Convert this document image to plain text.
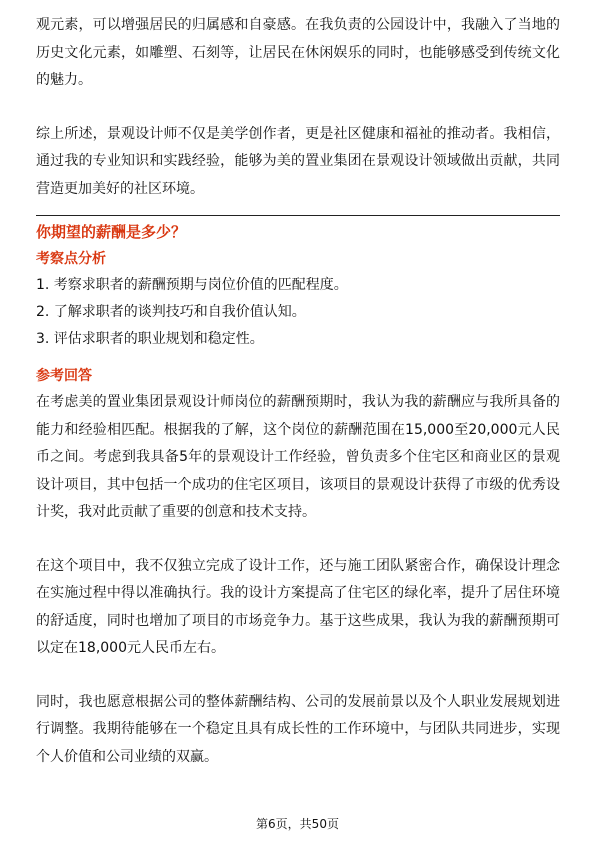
观元素，可以增强居民的归属感和自豪感。在我负责的公园设计中，我融入了当地的历史文化元素，如雕塑、石刻等，让居民在休闲娱乐的同时，也能够感受到传统文化的魅力。

综上所述，景观设计师不仅是美学创作者，更是社区健康和福祉的推动者。我相信，通过我的专业知识和实践经验，能够为美的置业集团在景观设计领域做出贡献，共同营造更加美好的社区环境。

你期望的薪酬是多少？
考察点分析
1. 考察求职者的薪酬预期与岗位价值的匹配程度。
2. 了解求职者的谈判技巧和自我价值认知。
3. 评估求职者的职业规划和稳定性。
参考回答

在考虑美的置业集团景观设计师岗位的薪酬预期时，我认为我的薪酬应与我所具备的能力和经验相匹配。根据我的了解，这个岗位的薪酬范围在15,000至20,000元人民币之间。考虑到我具备5年的景观设计工作经验，曾负责多个住宅区和商业区的景观设计项目，其中包括一个成功的住宅区项目，该项目的景观设计获得了市级的优秀设计奖，我对此贡献了重要的创意和技术支持。

在这个项目中，我不仅独立完成了设计工作，还与施工团队紧密合作，确保设计理念在实施过程中得以准确执行。我的设计方案提高了住宅区的绿化率，提升了居住环境的舒适度，同时也增加了项目的市场竞争力。基于这些成果，我认为我的薪酬预期可以定在18,000元人民币左右。

同时，我也愿意根据公司的整体薪酬结构、公司的发展前景以及个人职业发展规划进行调整。我期待能够在一个稳定且具有成长性的工作环境中，与团队共同进步，实现个人价值和公司业绩的双赢。

第6页，共50页
